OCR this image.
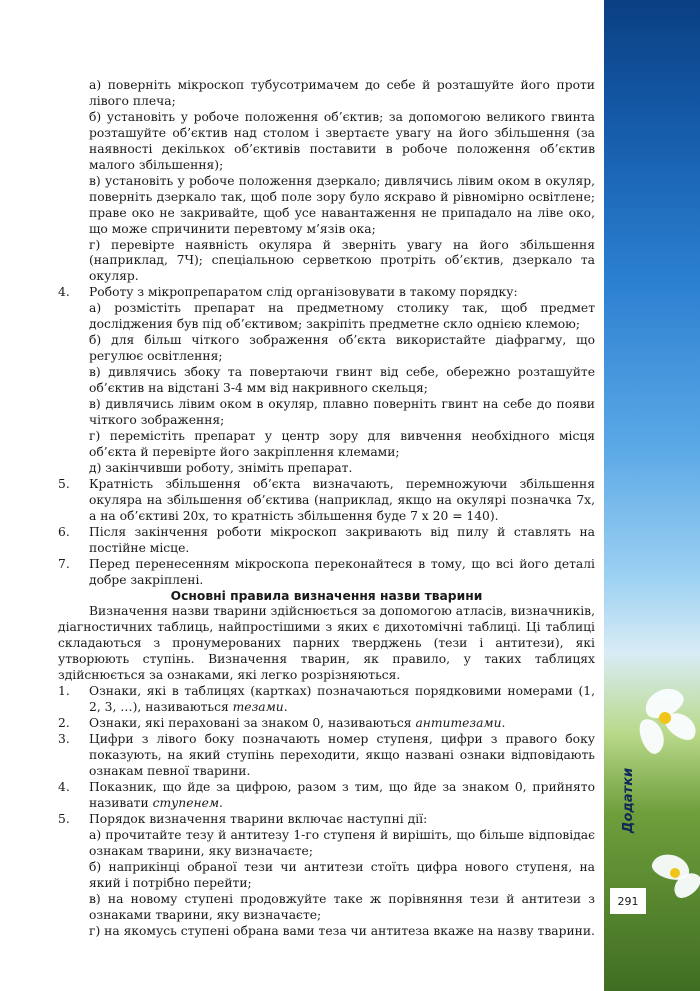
Додатки
291

а) поверніть мікроскоп тубусотримачем до себе й розташуйте його проти лівого плеча;

б) установіть у робоче положення об’єктив; за допомогою великого гвинта розташуйте об’єктив над столом і звертаєте увагу на його збільшення (за наявності декількох об’єктивів поставити в робоче положення об’єктив малого збільшення);

в) установіть у робоче положення дзеркало; дивлячись лівим оком в окуляр, поверніть дзеркало так, щоб поле зору було яскраво й рівномірно освітлене; праве око не закривайте, щоб усе навантаження не припадало на ліве око, що може спричинити перевтому м’язів ока;

г) перевірте наявність окуляра й зверніть увагу на його збільшення (наприклад, 7Ч); спеціальною серветкою протріть об’єктив, дзеркало та окуляр.

4.	Роботу з мікропрепаратом слід організовувати в такому порядку:

а) розмістіть препарат на предметному столику так, щоб предмет досліджения був під об’єктивом; закріпіть предметне скло однією клемою;

б) для більш чіткого зображення об’єкта використайте діафрагму, що регулює освітлення;

в) дивлячись збоку та повертаючи гвинт від себе, обережно розташуйте об’єктив на відстані 3-4 мм від накривного скельця;

в) дивлячись лівим оком в окуляр, плавно поверніть гвинт на себе до появи чіткого зображення;

г) перемістіть препарат у центр зору для вивчення необхідного місця об’єкта й перевірте його закріплення клемами;

д) закінчивши роботу, зніміть препарат.

5.	Кратність збільшення об’єкта визначають, перемножуючи збільшення окуляра на збільшення об’єктива (наприклад, якщо на окулярі позначка 7х, а на об’єктиві 20х, то кратність збільшення буде 7 х 20 = 140).
6.	Після закінчення роботи мікроскоп закривають від пилу й ставлять на постійне місце.
7.	Перед перенесенням мікроскопа переконайтеся в тому, що всі його деталі добре закріплені.

Основні правила визначення назви тварини

Визначення назви тварини здійснюється за допомогою атласів, визначників, діагностичних таблиць, найпростішими з яких є дихотомічні таблиці. Ці таблиці складаються з пронумерованих парних тверджень (тези і антитези), які утворюють ступінь. Визначення тварин, як правило, у таких таблицях здійснюється за ознаками, які легко розрізняються.

1.	Ознаки, які в таблицях (картках) позначаються порядковими номерами (1, 2, 3, …), називаються тезами.
2.	Ознаки, які пераховані за знаком 0, називаються антитезами.
3.	Цифри з лівого боку позначають номер ступеня, цифри з правого боку показують, на який ступінь переходити, якщо названі ознаки відповідають ознакам певної тварини.
4.	Показник, що йде за цифрою, разом з тим, що йде за знаком 0, прийнято називати ступенем.
5.	Порядок визначення тварини включає наступні дії:

а) прочитайте тезу й антитезу 1-го ступеня й вирішіть, що більше відповідає ознакам тварини, яку визначаєте;

б) наприкінці обраної тези чи антитези стоїть цифра нового ступеня, на який і потрібно перейти;

в) на новому ступені продовжуйте таке ж порівняння тези й антитези з ознаками тварини, яку визначаєте;

г) на якомусь ступені обрана вами теза чи антитеза вкаже на назву тварини.
